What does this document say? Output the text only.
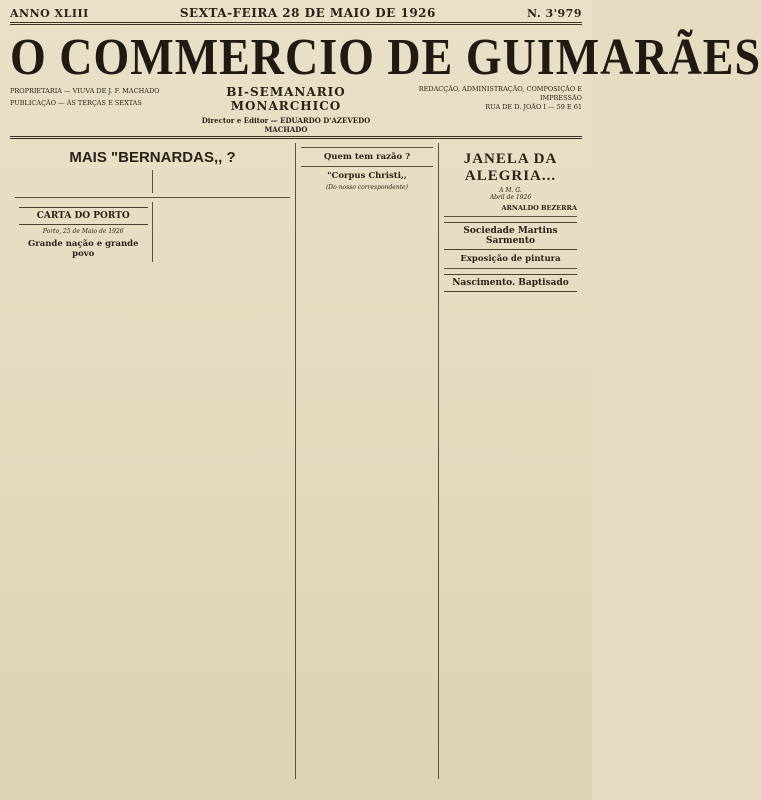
ANNO XLIII	SEXTA-FEIRA 28 DE MAIO DE 1926	N. 3'979
O COMMERCIO DE GUIMARÃES
PROPRIETARIA — VIUVA DE J. F. MACHADO
PUBLICAÇÃO — ÁS TERÇAS E SEXTAS
BI-SEMANARIO MONARCHICO
Director e Editor — EDUARDO D'AZEVEDO MACHADO
REDACÇÃO, ADMINISTRAÇÃO, COMPOSIÇÃO E IMPRESSÃO
RUA DE D. JOÃO I — 59 E 61
MAIS "BERNARDAS,, ?

CARTA DO PORTO
Porto, 25 de Maio de 1926
Grande nação e grande povo
Quem tem razão ?
"Corpus Christi,,
(Do nosso correspondente)
JANELA DA ALEGRIA...
A M. G.
Abril de 1926
ARNALDO BEZERRA
Sociedade Martins Sarmento
Exposição de pintura
Nascimento. Baptisado
